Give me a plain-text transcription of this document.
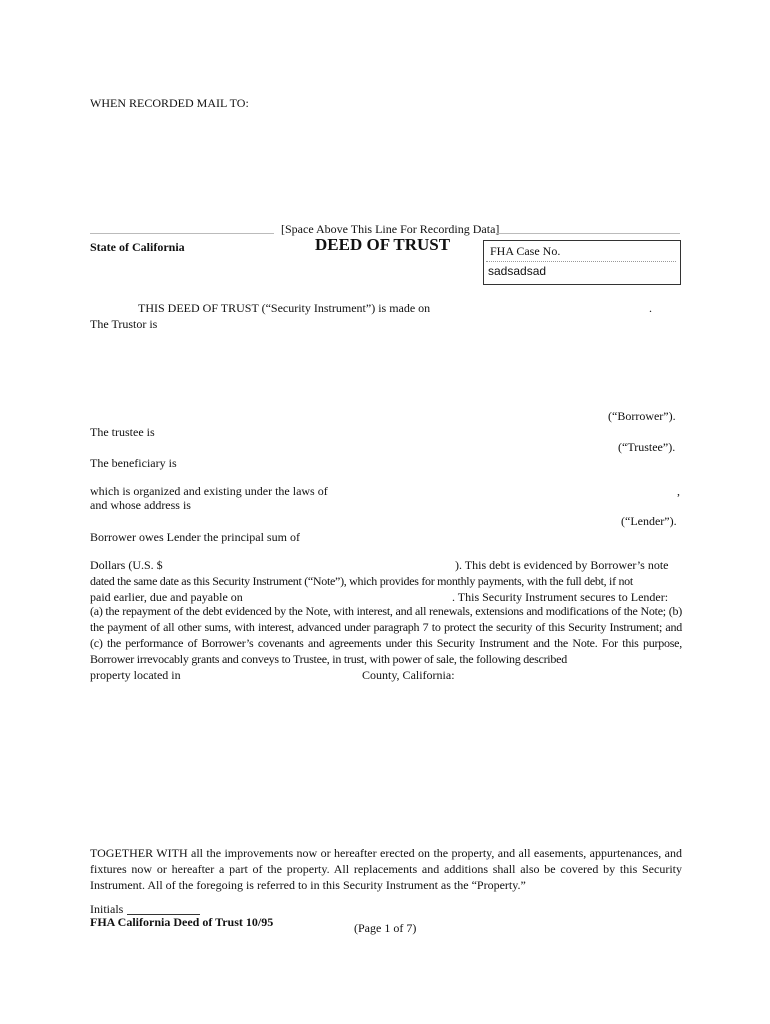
WHEN RECORDED MAIL TO:
[Space Above This Line For Recording Data]
State of California	DEED OF TRUST	FHA Case No.
sadsadsad
THIS DEED OF TRUST (“Security Instrument”) is made on	.
The Trustor is
(“Borrower”).
The trustee is
(“Trustee”).
The beneficiary is
which is organized and existing under the laws of	,
and whose address is
(“Lender”).
Borrower owes Lender the principal sum of
Dollars (U.S. $	). This debt is evidenced by Borrower’s note
dated the same date as this Security Instrument (“Note”), which provides for monthly payments, with the full debt, if not
paid earlier, due and payable on	. This Security Instrument secures to Lender:
(a) the repayment of the debt evidenced by the Note, with interest, and all renewals, extensions and modifications of the Note; (b) the payment of all other sums, with interest, advanced under paragraph 7 to protect the security of this Security Instrument; and (c) the performance of Borrower’s covenants and agreements under this Security Instrument and the Note. For this purpose, Borrower irrevocably grants and conveys to Trustee, in trust, with power of sale, the following described
property located in	County, California:
TOGETHER WITH all the improvements now or hereafter erected on the property, and all easements, appurtenances, and fixtures now or hereafter a part of the property. All replacements and additions shall also be covered by this Security Instrument. All of the foregoing is referred to in this Security Instrument as the “Property.”
Initials
FHA California Deed of Trust 10/95	(Page 1 of 7)
